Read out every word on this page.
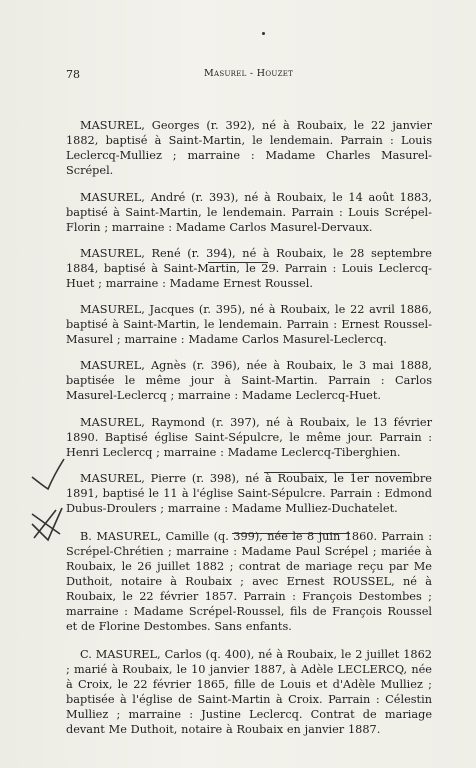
78	Masurel - Houzet

MASUREL, Georges (r. 392), né à Roubaix, le 22 janvier 1882, baptisé à Saint-Martin, le lendemain. Parrain : Louis Leclercq-Mulliez ; marraine : Madame Charles Masurel-Scrépel.

MASUREL, André (r. 393), né à Roubaix, le 14 août 1883, baptisé à Saint-Martin, le lendemain. Parrain : Louis Scrépel-Florin ; marraine : Madame Carlos Masurel-Dervaux.

MASUREL, René (r. 394), né à Roubaix, le 28 septembre 1884, baptisé à Saint-Martin, le 29. Parrain : Louis Leclercq-Huet ; marraine : Madame Ernest Roussel.

MASUREL, Jacques (r. 395), né à Roubaix, le 22 avril 1886, baptisé à Saint-Martin, le lendemain. Parrain : Ernest Roussel-Masurel ; marraine : Madame Carlos Masurel-Leclercq.

MASUREL, Agnès (r. 396), née à Roubaix, le 3 mai 1888, baptisée le même jour à Saint-Martin. Parrain : Carlos Masurel-Leclercq ; marraine : Madame Leclercq-Huet.

MASUREL, Raymond (r. 397), né à Roubaix, le 13 février 1890. Baptisé église Saint-Sépulcre, le même jour. Parrain : Henri Leclercq ; marraine : Madame Leclercq-Tiberghien.

MASUREL, Pierre (r. 398), né à Roubaix, le 1er novembre 1891, baptisé le 11 à l'église Saint-Sépulcre. Parrain : Edmond Dubus-Droulers ; marraine : Madame Mulliez-Duchatelet.

B. MASUREL, Camille (q. 399), née le 8 juin 1860. Parrain : Scrépel-Chrétien ; marraine : Madame Paul Scrépel ; mariée à Roubaix, le 26 juillet 1882 ; contrat de mariage reçu par Me Duthoit, notaire à Roubaix ; avec Ernest ROUSSEL, né à Roubaix, le 22 février 1857. Parrain : François Destombes ; marraine : Madame Scrépel-Roussel, fils de François Roussel et de Florine Destombes. Sans enfants.

C. MASUREL, Carlos (q. 400), né à Roubaix, le 2 juillet 1862 ; marié à Roubaix, le 10 janvier 1887, à Adèle LECLERCQ, née à Croix, le 22 février 1865, fille de Louis et d'Adèle Mulliez ; baptisée à l'église de Saint-Martin à Croix. Parrain : Célestin Mulliez ; marraine : Justine Leclercq. Contrat de mariage devant Me Duthoit, notaire à Roubaix en janvier 1887.
